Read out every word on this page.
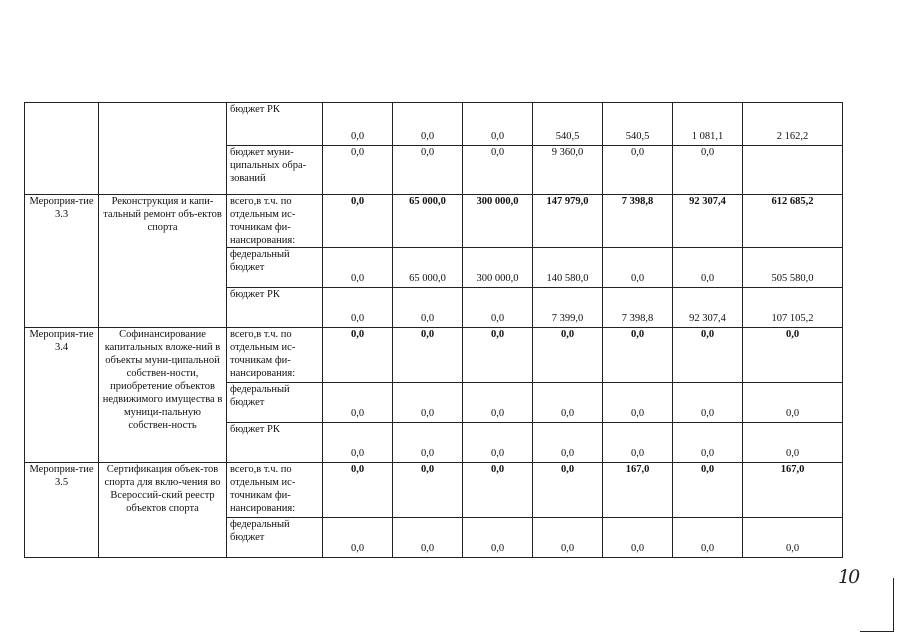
		бюджет РК	0,0	0,0	0,0	540,5	540,5	1 081,1	2 162,2
		бюджет муни-ципальных обра-зований	0,0	0,0	0,0	9 360,0	0,0	0,0	
Мероприя-тие 3.3	Реконструкция и капи-тальный ремонт объ-ектов спорта	всего,в т.ч. по отдельным ис-точникам фи-нансирования:	0,0	65 000,0	300 000,0	147 979,0	7 398,8	92 307,4	612 685,2
		федеральный бюджет	0,0	65 000,0	300 000,0	140 580,0	0,0	0,0	505 580,0
		бюджет РК	0,0	0,0	0,0	7 399,0	7 398,8	92 307,4	107 105,2
Мероприя-тие 3.4	Софинансирование капитальных вложе-ний в объекты муни-ципальной собствен-ности, приобретение объектов недвижимого имущества в муници-пальную собствен-ность	всего,в т.ч. по отдельным ис-точникам фи-нансирования:	0,0	0,0	0,0	0,0	0,0	0,0	0,0
		федеральный бюджет	0,0	0,0	0,0	0,0	0,0	0,0	0,0
		бюджет РК	0,0	0,0	0,0	0,0	0,0	0,0	0,0
Мероприя-тие 3.5	Сертификация объек-тов спорта для вклю-чения во Всероссий-ский реестр объектов спорта	всего,в т.ч. по отдельным ис-точникам фи-нансирования:	0,0	0,0	0,0	0,0	167,0	0,0	167,0
		федеральный бюджет	0,0	0,0	0,0	0,0	0,0	0,0	0,0
10
